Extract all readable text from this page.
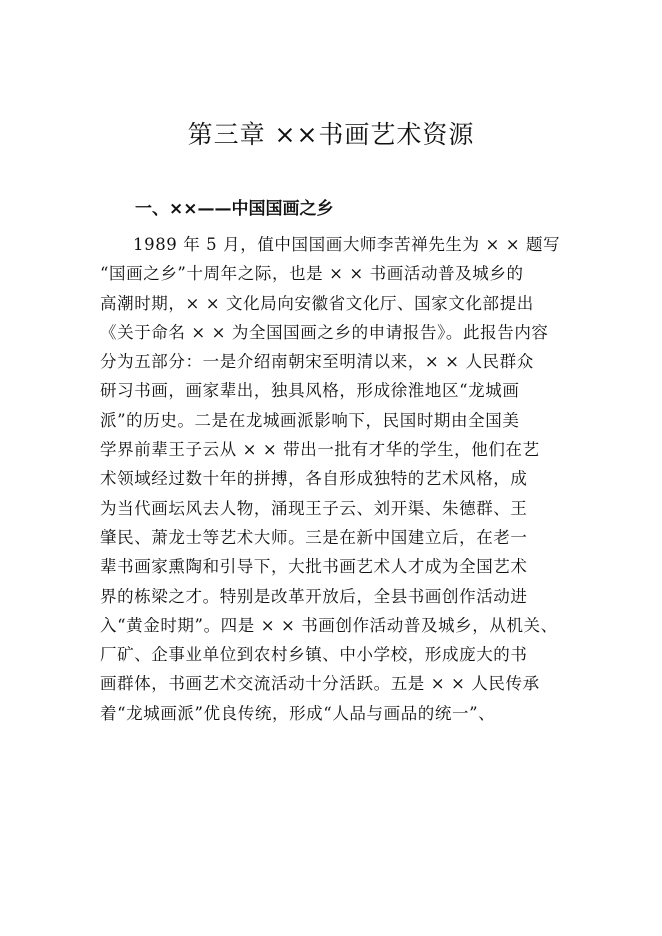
第三章 ××书画艺术资源
一、××——中国国画之乡
1989 年 5 月，值中国国画大师李苦禅先生为 × × 题写
“国画之乡”十周年之际，也是 × × 书画活动普及城乡的
高潮时期，× × 文化局向安徽省文化厅、国家文化部提出
《关于命名 × × 为全国国画之乡的申请报告》。此报告内容
分为五部分：一是介绍南朝宋至明清以来，× × 人民群众
研习书画，画家辈出，独具风格，形成徐淮地区“龙城画
派”的历史。二是在龙城画派影响下，民国时期由全国美
学界前辈王子云从 × × 带出一批有才华的学生，他们在艺
术领域经过数十年的拼搏，各自形成独特的艺术风格，成
为当代画坛风去人物，涌现王子云、刘开渠、朱德群、王
肇民、萧龙士等艺术大师。三是在新中国建立后，在老一
辈书画家熏陶和引导下，大批书画艺术人才成为全国艺术
界的栋梁之才。特别是改革开放后，全县书画创作活动进
入“黄金时期”。四是 × × 书画创作活动普及城乡，从机关、
厂矿、企事业单位到农村乡镇、中小学校，形成庞大的书
画群体，书画艺术交流活动十分活跃。五是 × × 人民传承
着“龙城画派”优良传统，形成“人品与画品的统一”、
